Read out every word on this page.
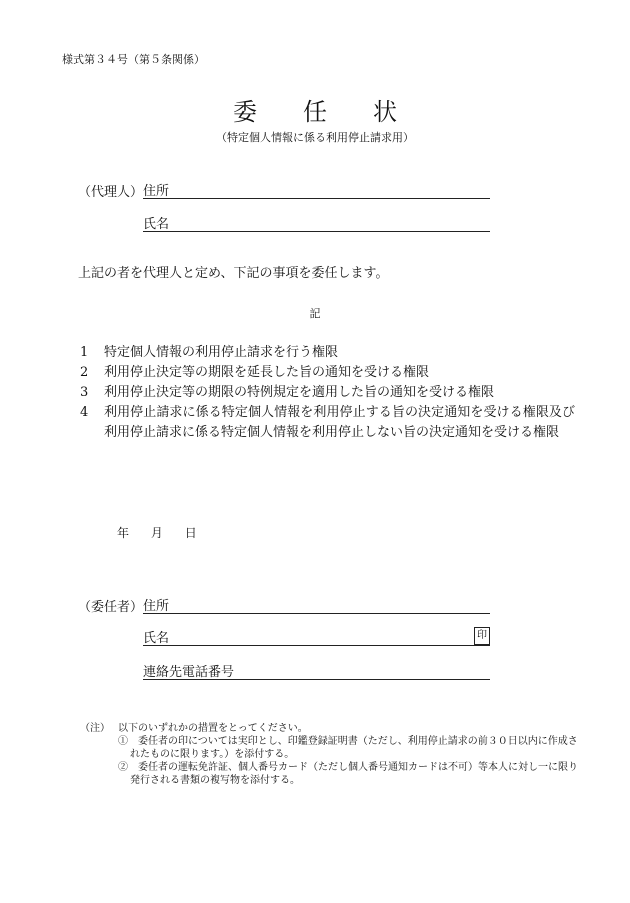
様式第３４号（第５条関係）
委任状
（特定個人情報に係る利用停止請求用）
（代理人） 住所
氏名
上記の者を代理人と定め、下記の事項を委任します。
記
1	特定個人情報の利用停止請求を行う権限
2	利用停止決定等の期限を延長した旨の通知を受ける権限
3	利用停止決定等の期限の特例規定を適用した旨の通知を受ける権限
4	利用停止請求に係る特定個人情報を利用停止する旨の決定通知を受ける権限及び利用停止請求に係る特定個人情報を利用停止しない旨の決定通知を受ける権限
年 月 日
（委任者） 住所
氏名	印
連絡先電話番号
（注） 以下のいずれかの措置をとってください。
①　 委任者の印については実印とし、印鑑登録証明書（ただし、利用停止請求の前３０日以内に作成されたものに限ります。）を添付する。
②　 委任者の運転免許証、個人番号カード（ただし個人番号通知カードは不可）等本人に対し一に限り発行される書類の複写物を添付する。
